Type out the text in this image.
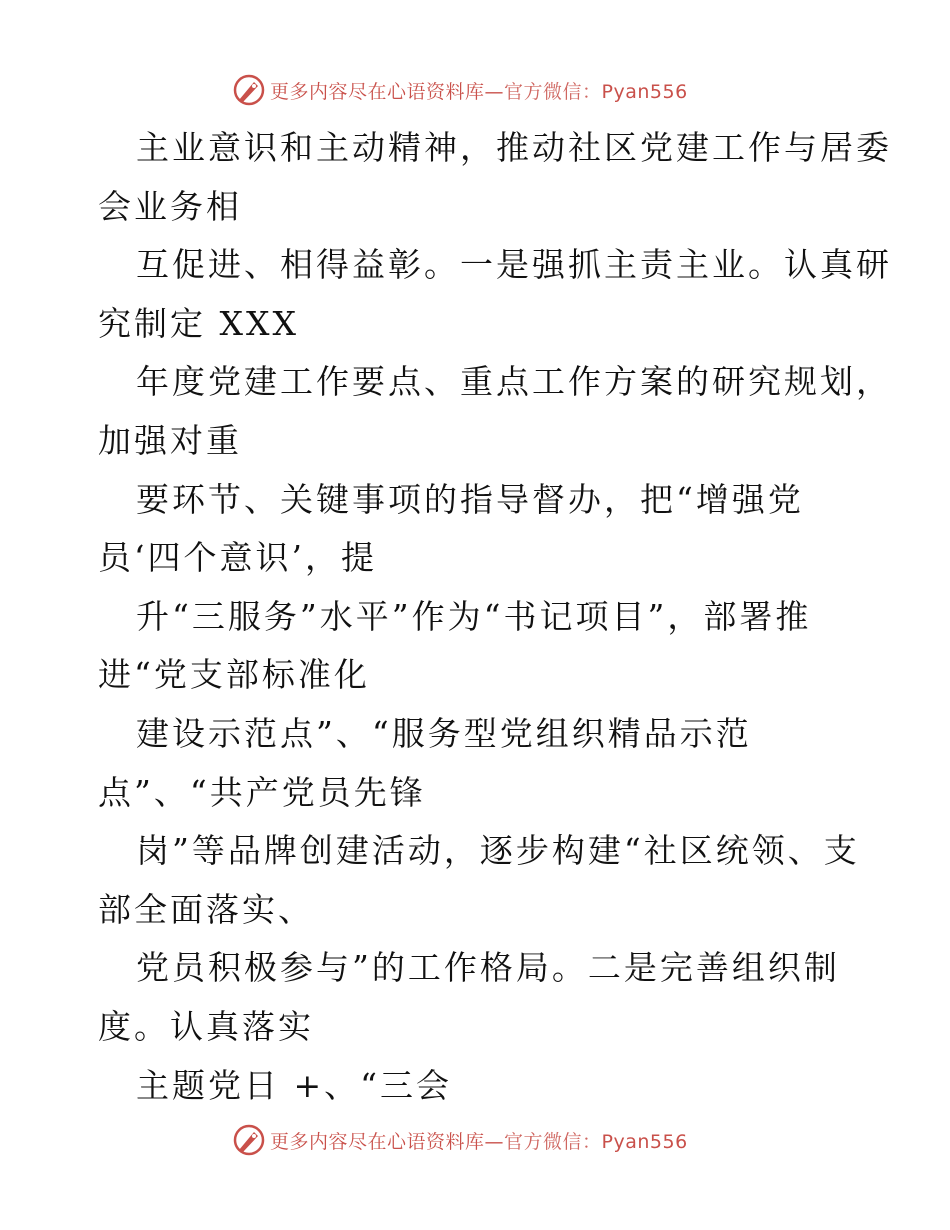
更多内容尽在心语资料库—官方微信：Pyan556
主业意识和主动精神，推动社区党建工作与居委
会业务相
互促进、相得益彰。一是强抓主责主业。认真研
究制定 XXX
年度党建工作要点、重点工作方案的研究规划，
加强对重
要环节、关键事项的指导督办，把“增强党
员‘四个意识’，提
升“三服务”水平”作为“书记项目”，部署推
进“党支部标准化
建设示范点”、“服务型党组织精品示范
点”、“共产党员先锋
岗”等品牌创建活动，逐步构建“社区统领、支
部全面落实、
党员积极参与”的工作格局。二是完善组织制
度。认真落实
主题党日 +、“三会
更多内容尽在心语资料库—官方微信：Pyan556
